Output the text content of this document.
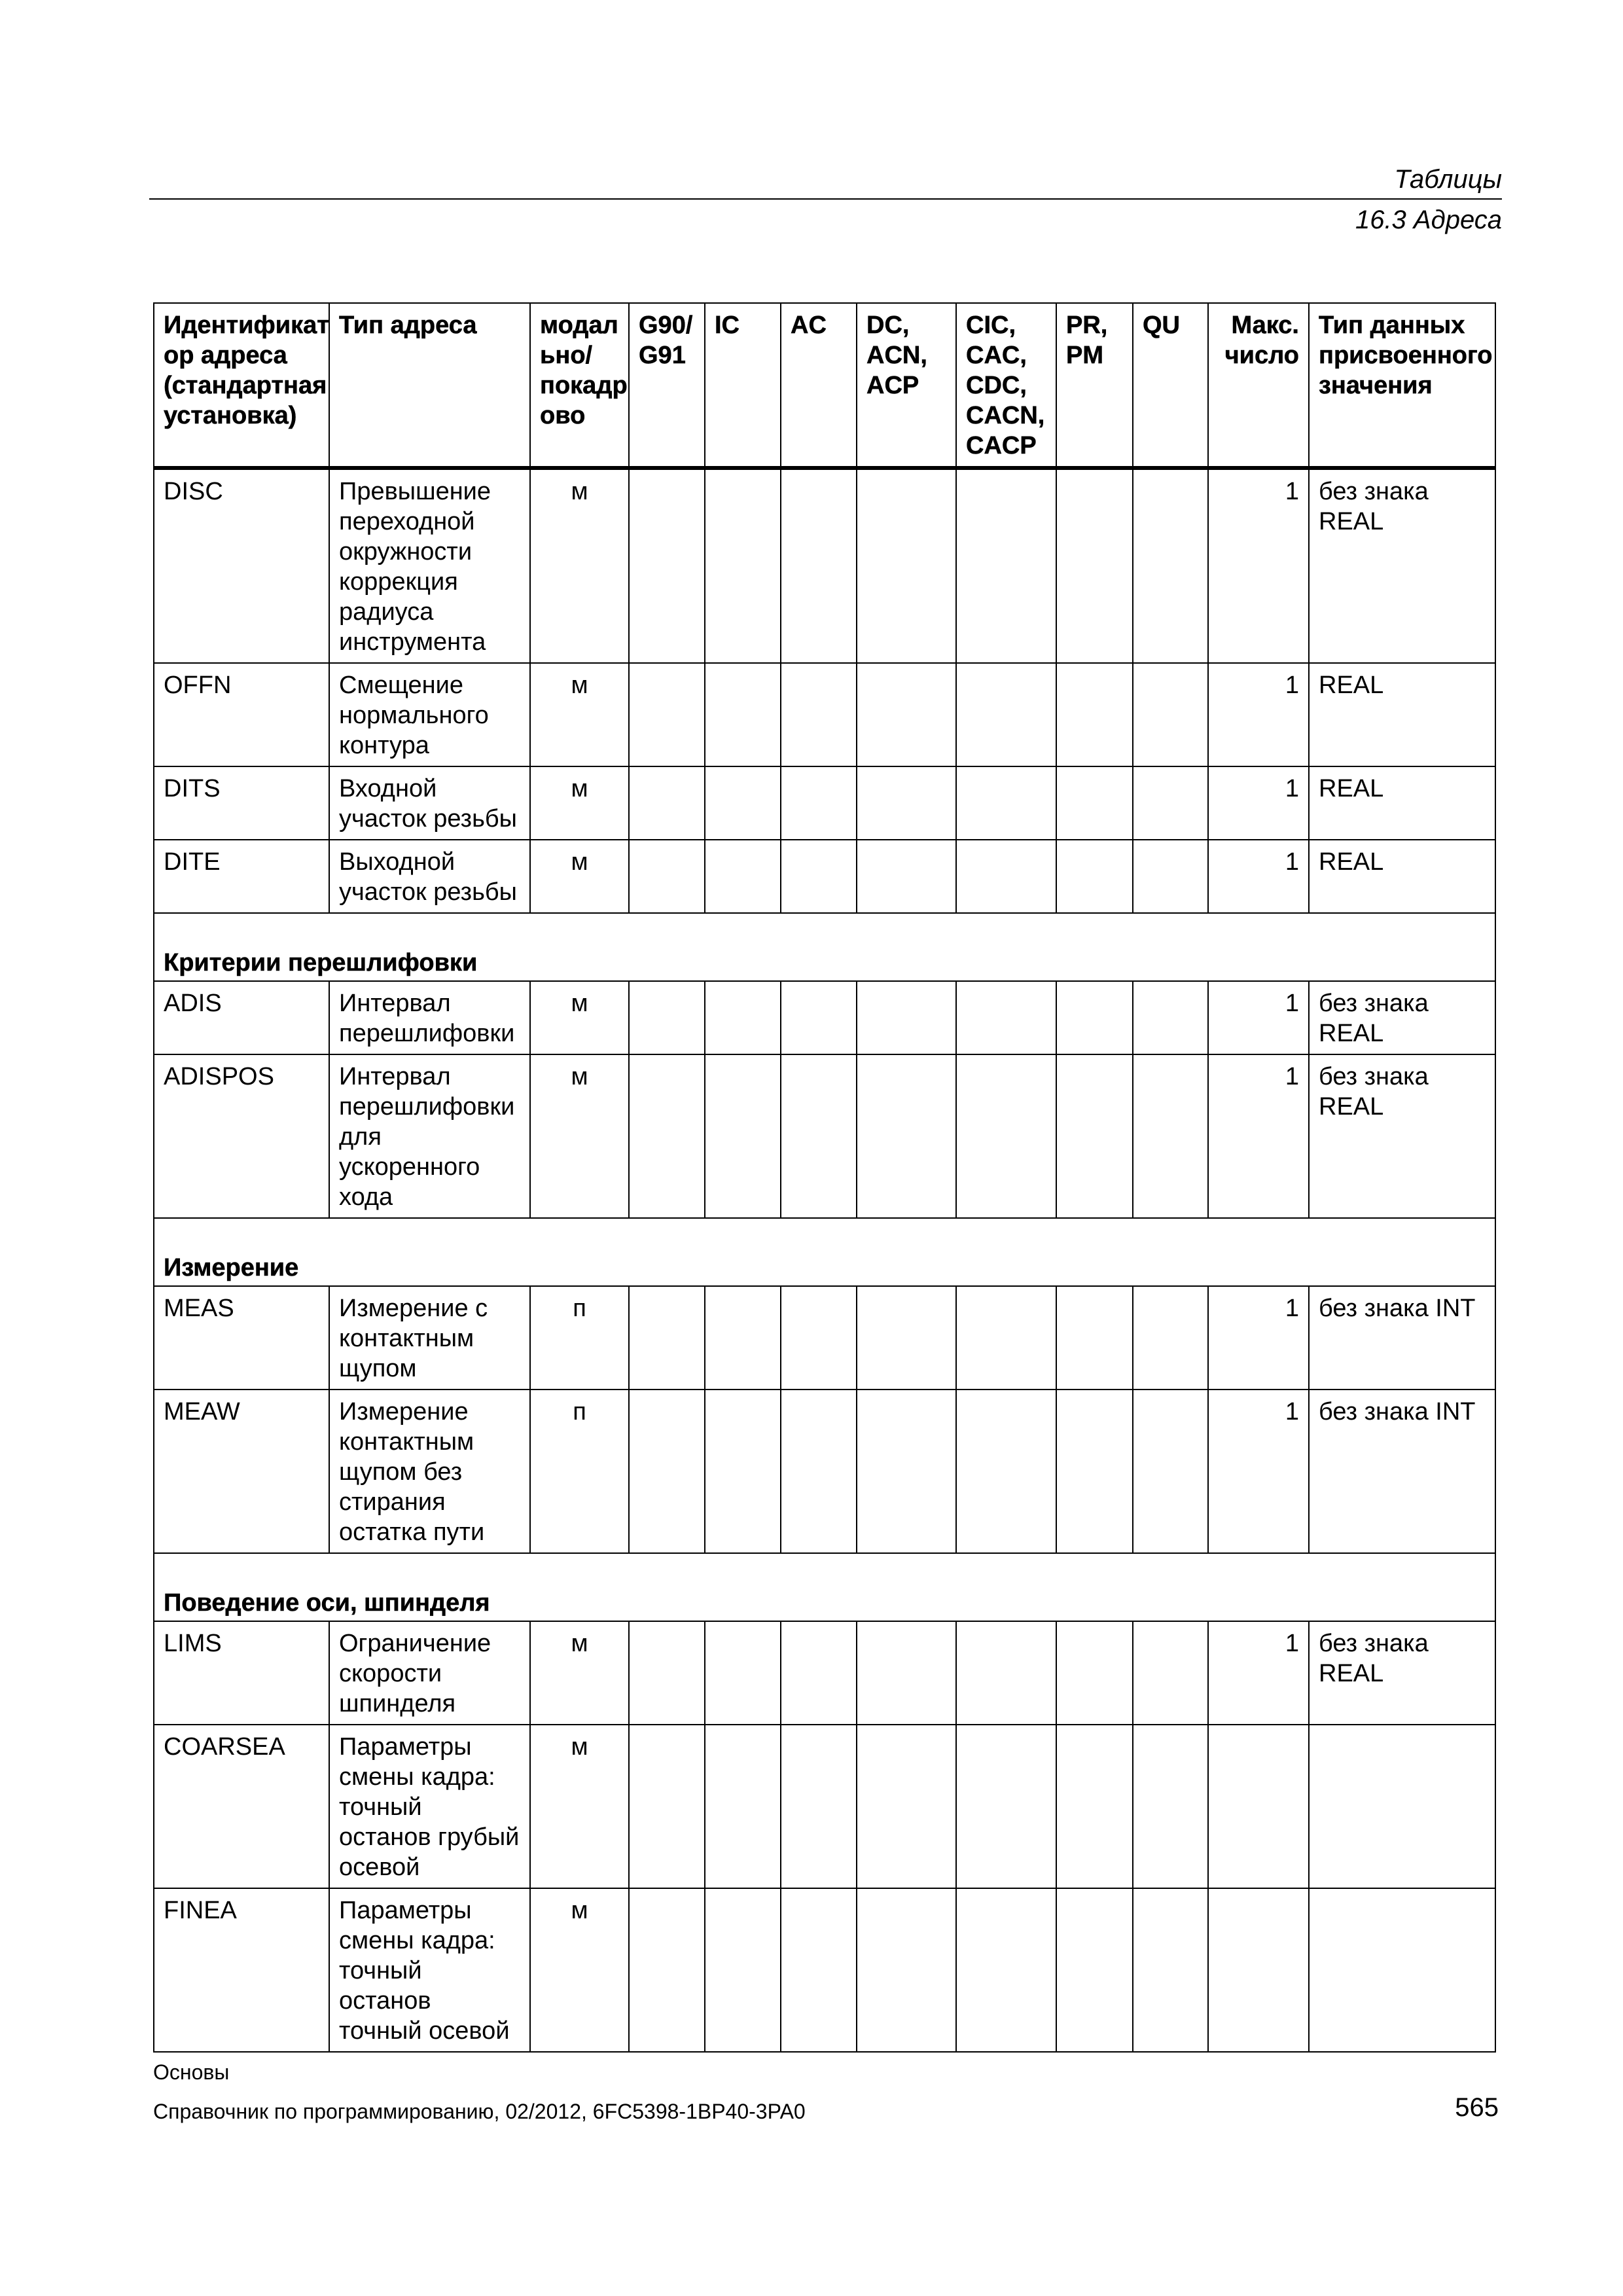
Таблицы
16.3 Адреса
Идентификат ор адреса (стандартная установка)	Тип адреса	модал ьно/ покадр ово	G90/ G91	IC	AC	DC, ACN, ACP	CIC, CAC, CDC, CACN, CACP	PR, PM	QU	Макс. число	Тип данных присвоенного значения
DISC	Превышение переходной окружности коррекция радиуса инструмента	м								1	без знака REAL
OFFN	Смещение нормального контура	м								1	REAL
DITS	Входной участок резьбы	м								1	REAL
DITE	Выходной участок резьбы	м								1	REAL
Критерии перешлифовки											
ADIS	Интервал перешлифовки	м								1	без знака REAL
ADISPOS	Интервал перешлифовки для ускоренного хода	м								1	без знака REAL
Измерение											
MEAS	Измерение с контактным щупом	п								1	без знака INT
MEAW	Измерение контактным щупом без стирания остатка пути	п								1	без знака INT
Поведение оси, шпинделя											
LIMS	Ограничение скорости шпинделя	м								1	без знака REAL
COARSEA	Параметры смены кадра: точный останов грубый осевой	м									
FINEA	Параметры смены кадра: точный останов точный осевой	м									
Основы
Справочник по программированию, 02/2012, 6FC5398-1BP40-3PA0	565
